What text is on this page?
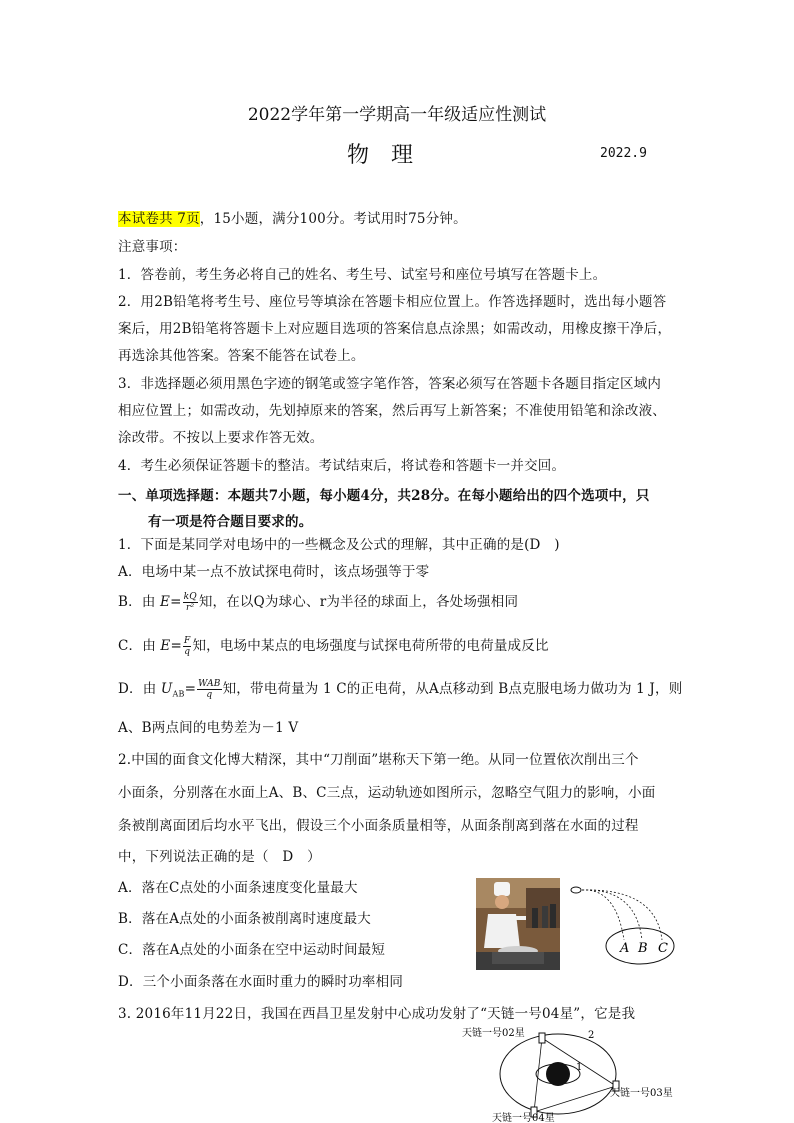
2022学年第一学期高一年级适应性测试
物理	2022.9
本试卷共 7页，15小题，满分100分。考试用时75分钟。
注意事项：
1．答卷前，考生务必将自己的姓名、考生号、试室号和座位号填写在答题卡上。
2．用2B铅笔将考生号、座位号等填涂在答题卡相应位置上。作答选择题时，选出每小题答
案后，用2B铅笔将答题卡上对应题目选项的答案信息点涂黑；如需改动，用橡皮擦干净后，
再选涂其他答案。答案不能答在试卷上。
3．非选择题必须用黑色字迹的钢笔或签字笔作答，答案必须写在答题卡各题目指定区域内
相应位置上；如需改动，先划掉原来的答案，然后再写上新答案；不准使用铅笔和涂改液、
涂改带。不按以上要求作答无效。
4．考生必须保证答题卡的整洁。考试结束后，将试卷和答题卡一并交回。
一、单项选择题：本题共7小题，每小题4分，共28分。在每小题给出的四个选项中，只
有一项是符合题目要求的。
1．下面是某同学对电场中的一些概念及公式的理解，其中正确的是(D　)
A．电场中某一点不放试探电荷时，该点场强等于零
B．由 $E= \frac{kQ}{\text{r²}}$ 知，在以Q为球心、r为半径的球面上，各处场强相同
C．由 $E= \frac{F}{q}$ 知，电场中某点的电场强度与试探电荷所带的电荷量成反比
D．由 $U_{AB}= \frac{\text{WAB}}{q}$ 知，带电荷量为 1 C的正电荷，从A点移动到 B点克服电场力做功为 1 J，则
A、B两点间的电势差为－1 V
2.中国的面食文化博大精深，其中“刀削面”堪称天下第一绝。从同一位置依次削出三个
小面条，分别落在水面上A、B、C三点，运动轨迹如图所示，忽略空气阻力的影响，小面
条被削离面团后均水平飞出，假设三个小面条质量相等，从面条削离到落在水面的过程
中，下列说法正确的是（　D　）
A．落在C点处的小面条速度变化量最大
B．落在A点处的小面条被削离时速度最大
C．落在A点处的小面条在空中运动时间最短
D．三个小面条落在水面时重力的瞬时功率相同
A B C
3. 2016年11月22日，我国在西昌卫星发射中心成功发射了“天链一号04星”，它是我
天链一号02星
天链一号03星
天链一号04星
1
2
